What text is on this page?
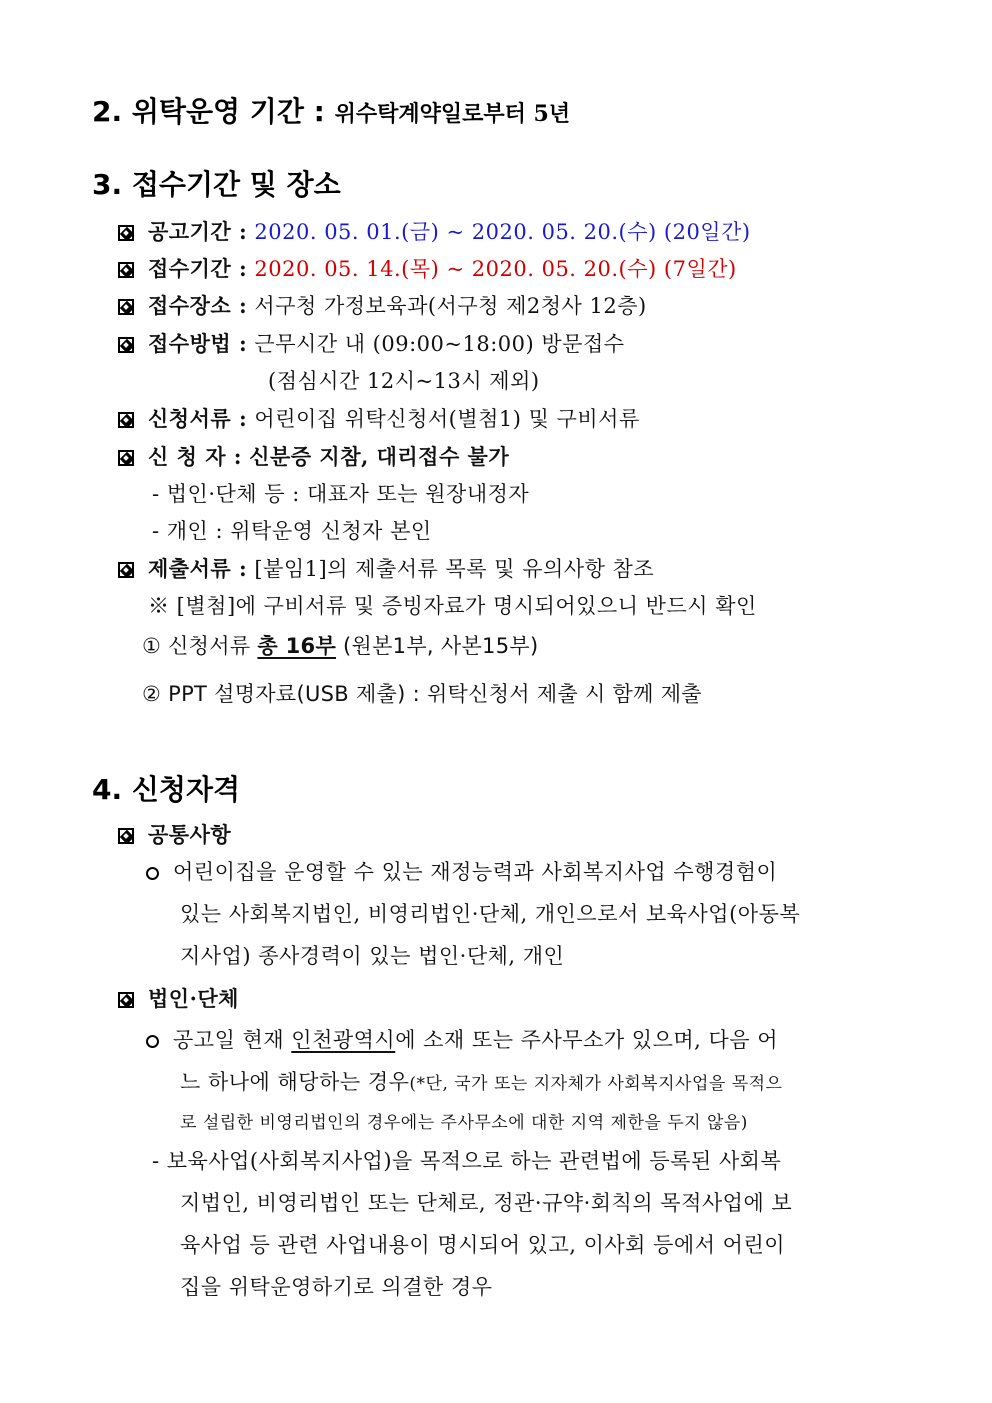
2. 위탁운영 기간 : 위수탁계약일로부터 5년
3. 접수기간 및 장소
공고기간 : 2020. 05. 01.(금) ~ 2020. 05. 20.(수) (20일간)
접수기간 : 2020. 05. 14.(목) ~ 2020. 05. 20.(수) (7일간)
접수장소 : 서구청 가정보육과(서구청 제2청사 12층)
접수방법 : 근무시간 내 (09:00~18:00) 방문접수
(점심시간 12시~13시 제외)
신청서류 : 어린이집 위탁신청서(별첨1) 및 구비서류
신 청 자 : 신분증 지참, 대리접수 불가
- 법인·단체 등 : 대표자 또는 원장내정자
- 개인 : 위탁운영 신청자 본인
제출서류 : [붙임1]의 제출서류 목록 및 유의사항 참조
※ [별첨]에 구비서류 및 증빙자료가 명시되어있으니 반드시 확인
① 신청서류 총 16부 (원본1부, 사본15부)
② PPT 설명자료(USB 제출) : 위탁신청서 제출 시 함께 제출
4. 신청자격
공통사항
어린이집을 운영할 수 있는 재정능력과 사회복지사업 수행경험이
있는 사회복지법인, 비영리법인·단체, 개인으로서 보육사업(아동복
지사업) 종사경력이 있는 법인·단체, 개인
법인·단체
공고일 현재 인천광역시에 소재 또는 주사무소가 있으며, 다음 어
느 하나에 해당하는 경우(*단, 국가 또는 지자체가 사회복지사업을 목적으
로 설립한 비영리법인의 경우에는 주사무소에 대한 지역 제한을 두지 않음)
- 보육사업(사회복지사업)을 목적으로 하는 관련법에 등록된 사회복
지법인, 비영리법인 또는 단체로, 정관·규약·회칙의 목적사업에 보
육사업 등 관련 사업내용이 명시되어 있고, 이사회 등에서 어린이
집을 위탁운영하기로 의결한 경우
